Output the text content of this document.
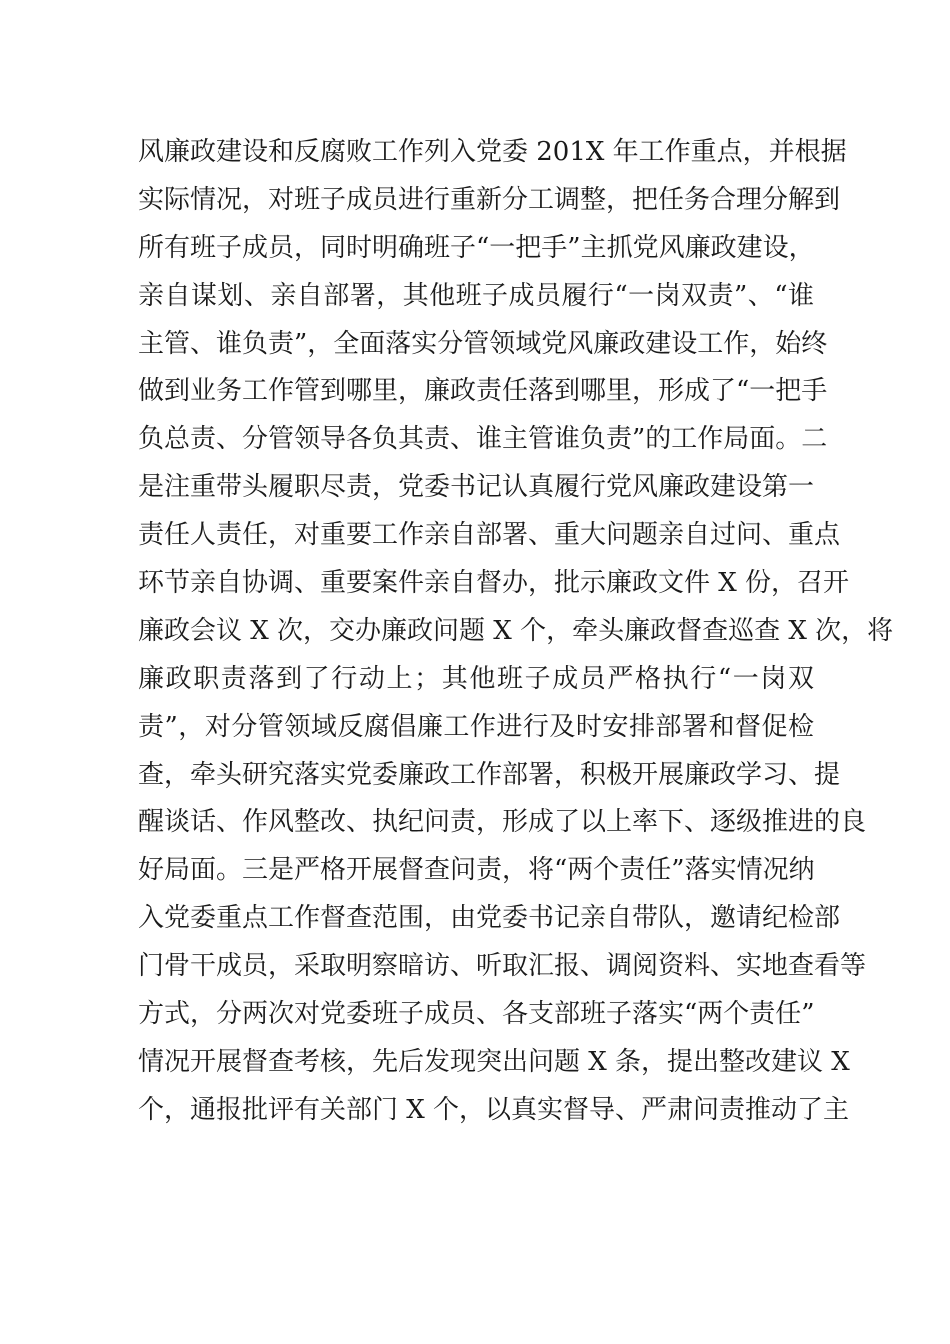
风廉政建设和反腐败工作列入党委 201X 年工作重点，并根据
实际情况，对班子成员进行重新分工调整，把任务合理分解到
所有班子成员，同时明确班子“一把手”主抓党风廉政建设，
亲自谋划、亲自部署，其他班子成员履行“一岗双责”、“谁
主管、谁负责”，全面落实分管领域党风廉政建设工作，始终
做到业务工作管到哪里，廉政责任落到哪里，形成了“一把手
负总责、分管领导各负其责、谁主管谁负责”的工作局面。二
是注重带头履职尽责，党委书记认真履行党风廉政建设第一
责任人责任，对重要工作亲自部署、重大问题亲自过问、重点
环节亲自协调、重要案件亲自督办，批示廉政文件 X 份，召开
廉政会议 X 次，交办廉政问题 X 个，牵头廉政督查巡查 X 次，将
廉政职责落到了行动上；其他班子成员严格执行“一岗双
责”，对分管领域反腐倡廉工作进行及时安排部署和督促检
查，牵头研究落实党委廉政工作部署，积极开展廉政学习、提
醒谈话、作风整改、执纪问责，形成了以上率下、逐级推进的良
好局面。三是严格开展督查问责，将“两个责任”落实情况纳
入党委重点工作督查范围，由党委书记亲自带队，邀请纪检部
门骨干成员，采取明察暗访、听取汇报、调阅资料、实地查看等
方式，分两次对党委班子成员、各支部班子落实“两个责任”
情况开展督查考核，先后发现突出问题 X 条，提出整改建议 X
个，通报批评有关部门 X 个，以真实督导、严肃问责推动了主
